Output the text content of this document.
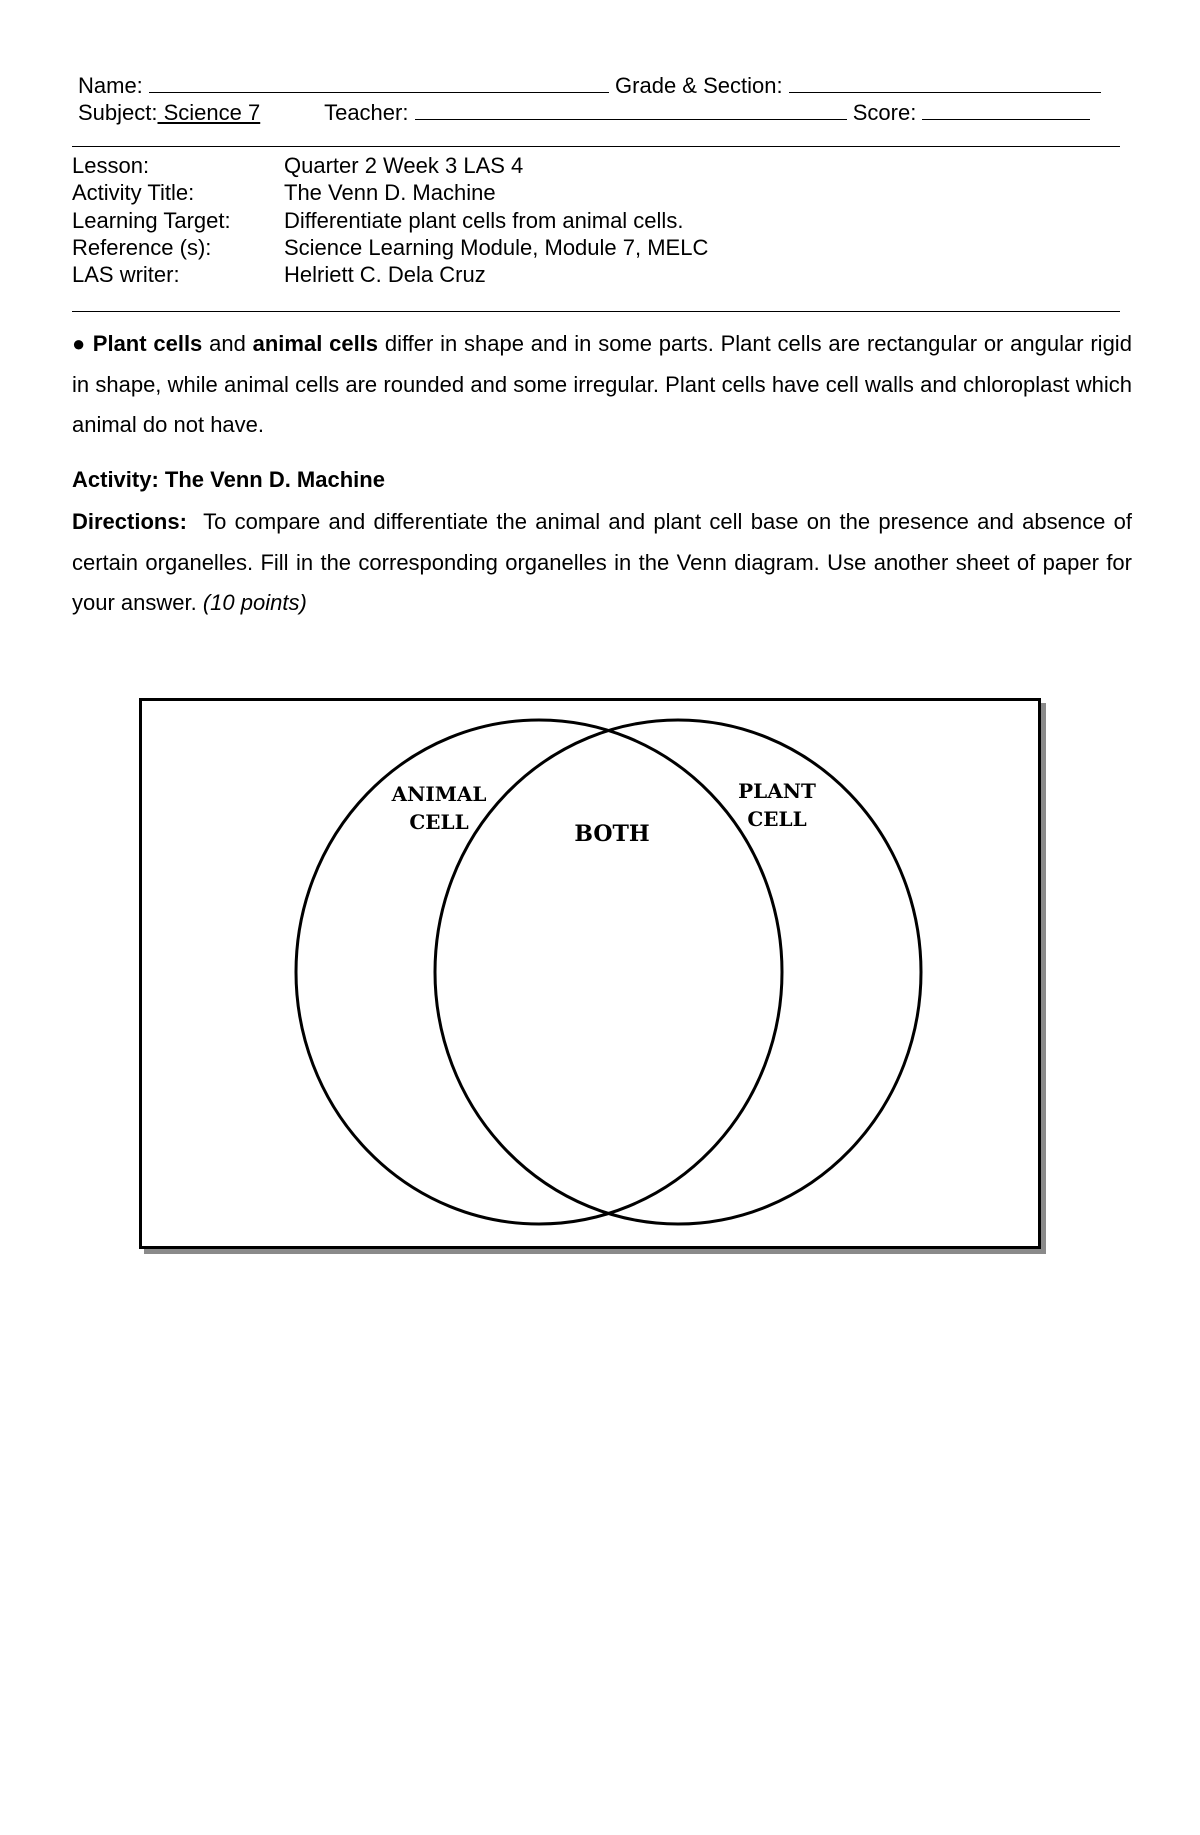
Name:	Grade & Section:
Subject: Science 7	Teacher:	Score:
Lesson:	Quarter 2 Week 3 LAS 4
Activity Title:	The Venn D. Machine
Learning Target: Differentiate plant cells from animal cells.
Reference (s):	Science Learning Module, Module 7, MELC
LAS writer:	Helriett C. Dela Cruz
● Plant cells and animal cells differ in shape and in some parts. Plant cells are rectangular or angular rigid in shape, while animal cells are rounded and some irregular. Plant cells have cell walls and chloroplast which animal do not have.
Activity: The Venn D. Machine
Directions: To compare and differentiate the animal and plant cell base on the presence and absence of certain organelles. Fill in the corresponding organelles in the Venn diagram. Use another sheet of paper for your answer. (10 points)
ANIMAL
CELL	BOTH
PLANT
CELL
